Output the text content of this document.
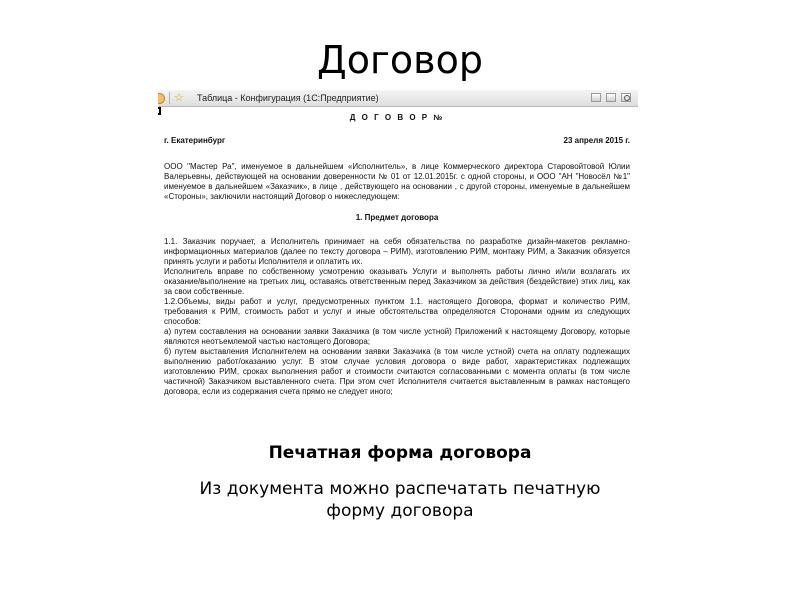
Договор
☆ Таблица - Конфигурация (1С:Предприятие)
Д О Г О В О Р №
г. Екатеринбург	23 апреля 2015 г.

ООО "Мастер Ра", именуемое в дальнейшем «Исполнитель», в лице Коммерческого директора Старовойтовой Юлии Валерьевны, действующей на основании доверенности № 01 от 12.01.2015г. с одной стороны, и ООО "АН "Новосёл №1" именуемое в дальнейшем «Заказчик», в лице , действующего на основании , с другой стороны, именуемые в дальнейшем «Стороны», заключили настоящий Договор о нижеследующем:

1. Предмет договора

1.1. Заказчик поручает, а Исполнитель принимает на себя обязательства по разработке дизайн-макетов рекламно-информационных материалов (далее по тексту договора – РИМ), изготовлению РИМ, монтажу РИМ, а Заказчик обязуется принять услуги и работы Исполнителя и оплатить их.

Исполнитель вправе по собственному усмотрению оказывать Услуги и выполнять работы лично и/или возлагать их оказание/выполнение на третьих лиц, оставаясь ответственным перед Заказчиком за действия (бездействие) этих лиц, как за свои собственные.

1.2.Объемы, виды работ и услуг, предусмотренных пунктом 1.1. настоящего Договора, формат и количество РИМ, требования к РИМ, стоимость работ и услуг и иные обстоятельства определяются Сторонами одним из следующих способов:

а) путем составления на основании заявки Заказчика (в том числе устной) Приложений к настоящему Договору, которые являются неотъемлемой частью настоящего Договора;

б) путем выставления Исполнителем на основании заявки Заказчика (в том числе устной) счета на оплату подлежащих выполнению работ/оказанию услуг. В этом случае условия договора о виде работ, характеристиках подлежащих изготовлению РИМ, сроках выполнения работ и стоимости считаются согласованными с момента оплаты (в том числе частичной) Заказчиком выставленного счета. При этом счет Исполнителя считается выставленным в рамках настоящего договора, если из содержания счета прямо не следует иного;

Печатная форма договора
Из документа можно распечатать печатную форму договора
